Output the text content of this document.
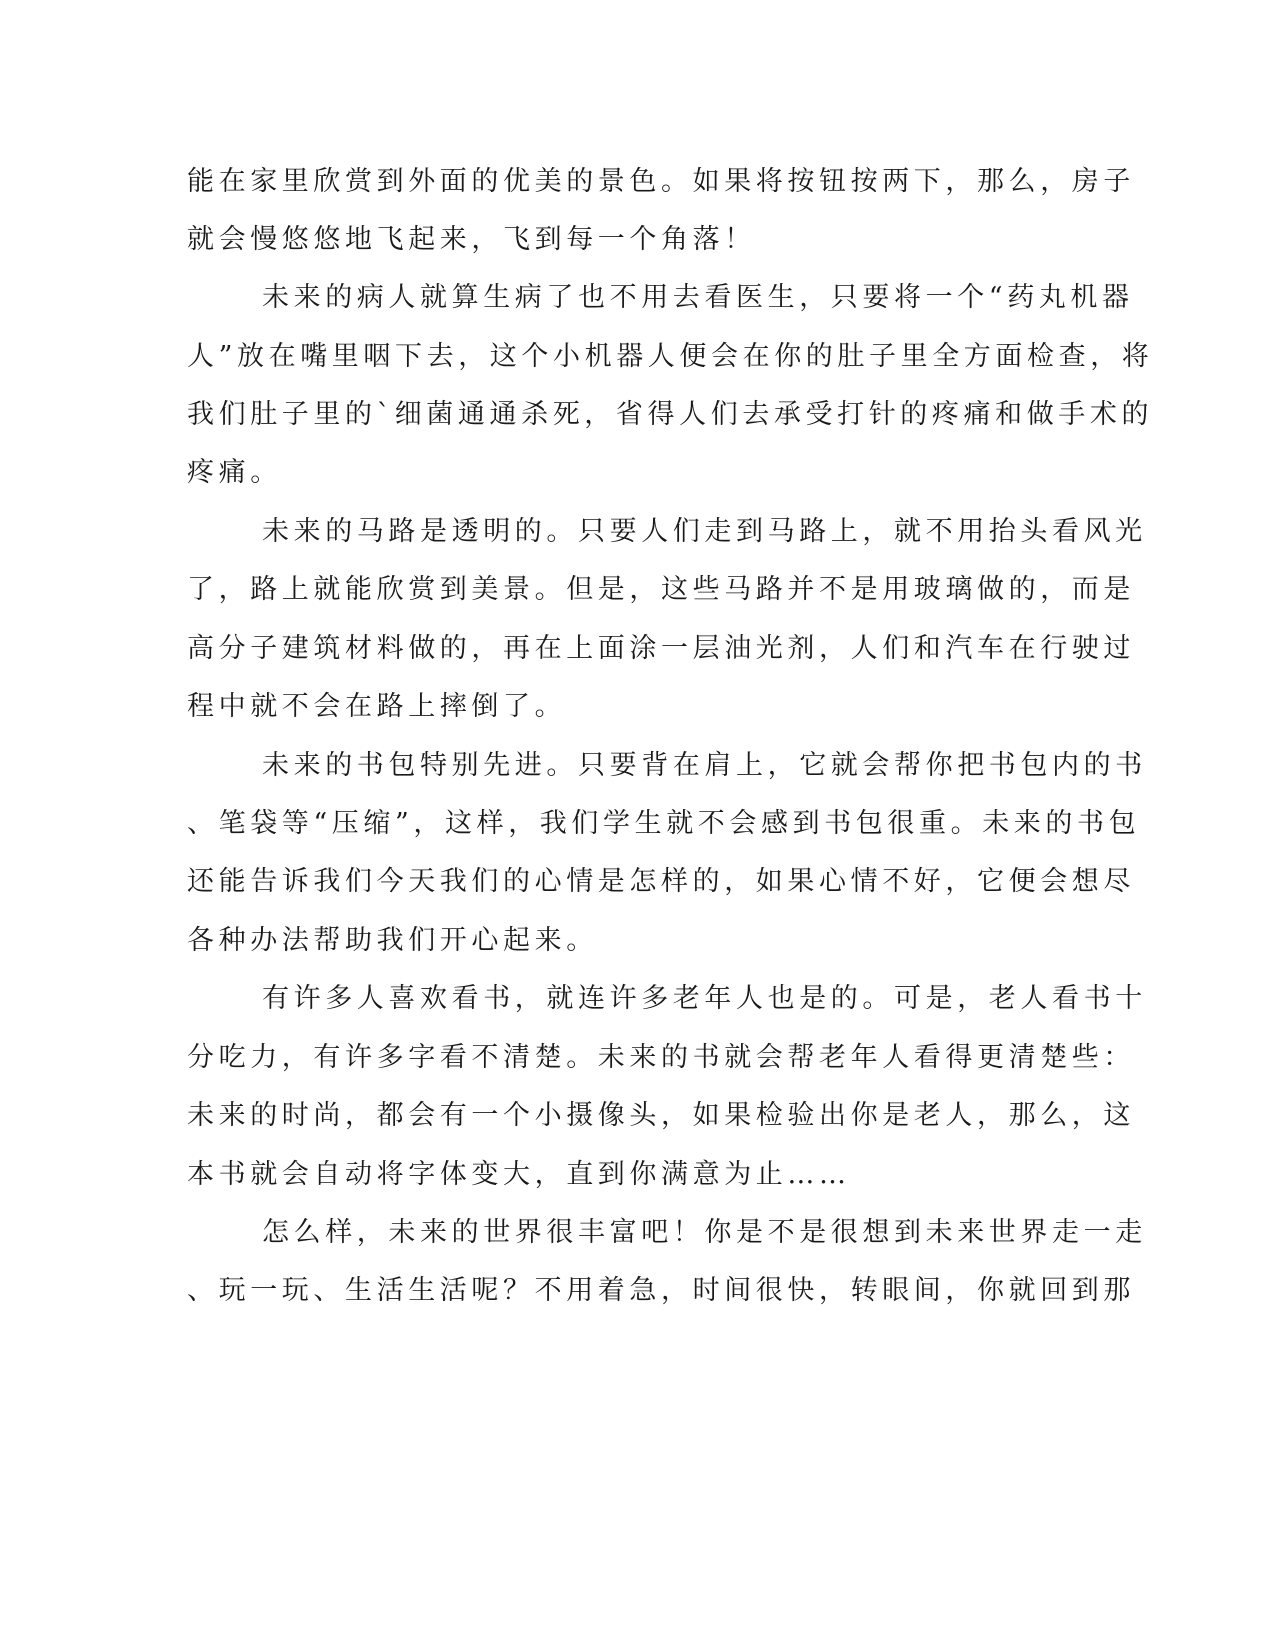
能在家里欣赏到外面的优美的景色。如果将按钮按两下，那么，房子
就会慢悠悠地飞起来，飞到每一个角落！
未来的病人就算生病了也不用去看医生，只要将一个“药丸机器
人”放在嘴里咽下去，这个小机器人便会在你的肚子里全方面检查，将
我们肚子里的`细菌通通杀死，省得人们去承受打针的疼痛和做手术的
疼痛。
未来的马路是透明的。只要人们走到马路上，就不用抬头看风光
了，路上就能欣赏到美景。但是，这些马路并不是用玻璃做的，而是
高分子建筑材料做的，再在上面涂一层油光剂，人们和汽车在行驶过
程中就不会在路上摔倒了。
未来的书包特别先进。只要背在肩上，它就会帮你把书包内的书
、笔袋等“压缩”，这样，我们学生就不会感到书包很重。未来的书包
还能告诉我们今天我们的心情是怎样的，如果心情不好，它便会想尽
各种办法帮助我们开心起来。
有许多人喜欢看书，就连许多老年人也是的。可是，老人看书十
分吃力，有许多字看不清楚。未来的书就会帮老年人看得更清楚些：
未来的时尚，都会有一个小摄像头，如果检验出你是老人，那么，这
本书就会自动将字体变大，直到你满意为止……
怎么样，未来的世界很丰富吧！你是不是很想到未来世界走一走
、玩一玩、生活生活呢？不用着急，时间很快，转眼间，你就回到那
